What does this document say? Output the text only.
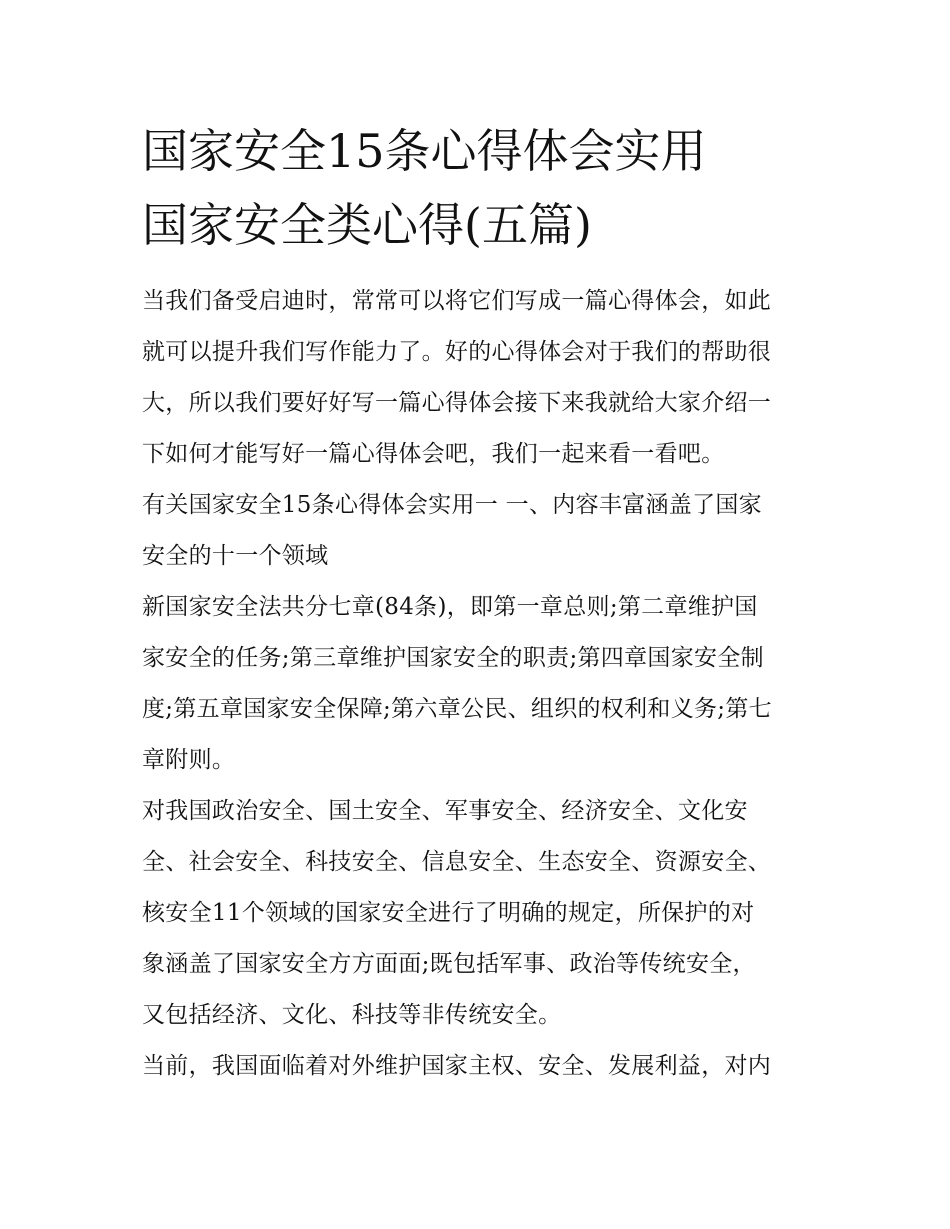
国家安全15条心得体会实用
国家安全类心得(五篇)

当我们备受启迪时，常常可以将它们写成一篇心得体会，如此
就可以提升我们写作能力了。好的心得体会对于我们的帮助很
大，所以我们要好好写一篇心得体会接下来我就给大家介绍一
下如何才能写好一篇心得体会吧，我们一起来看一看吧。

有关国家安全15条心得体会实用一 一、内容丰富涵盖了国家
安全的十一个领域

新国家安全法共分七章(84条)，即第一章总则;第二章维护国
家安全的任务;第三章维护国家安全的职责;第四章国家安全制
度;第五章国家安全保障;第六章公民、组织的权利和义务;第七
章附则。

对我国政治安全、国土安全、军事安全、经济安全、文化安
全、社会安全、科技安全、信息安全、生态安全、资源安全、
核安全11个领域的国家安全进行了明确的规定，所保护的对
象涵盖了国家安全方方面面;既包括军事、政治等传统安全，
又包括经济、文化、科技等非传统安全。

当前，我国面临着对外维护国家主权、安全、发展利益，对内
